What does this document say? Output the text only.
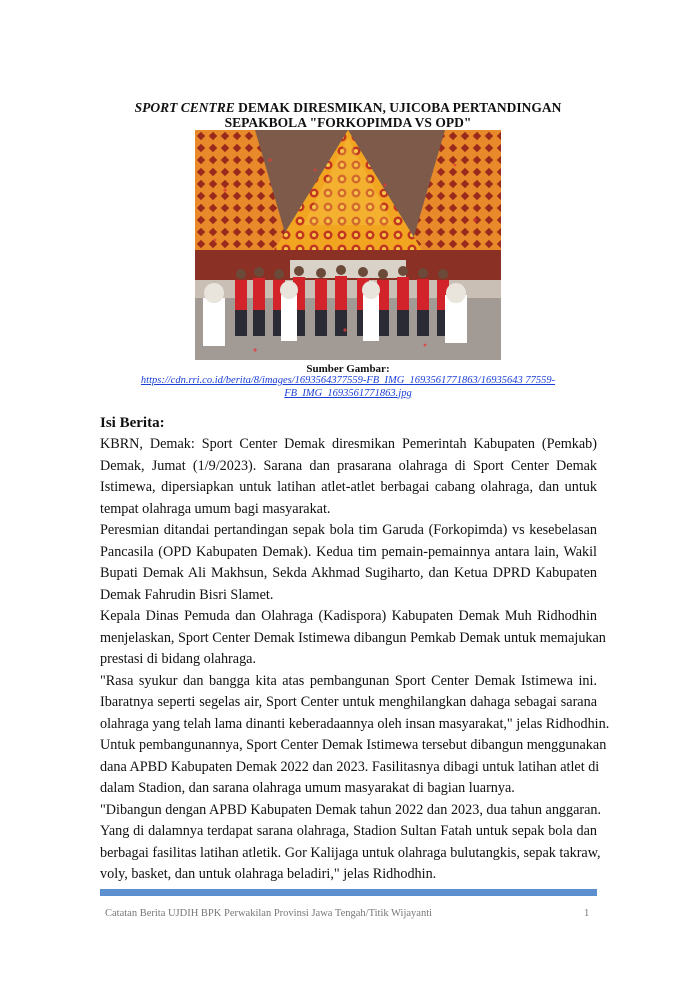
SPORT CENTRE DEMAK DIRESMIKAN, UJICOBA PERTANDINGAN
SEPAKBOLA "FORKOPIMDA VS OPD"
Sumber Gambar:
https://cdn.rri.co.id/berita/8/images/1693564377559-FB_IMG_1693561771863/16935643 77559-
FB_IMG_1693561771863.jpg
Isi Berita:
KBRN, Demak: Sport Center Demak diresmikan Pemerintah Kabupaten (Pemkab)
Demak, Jumat (1/9/2023). Sarana dan prasarana olahraga di Sport Center Demak
Istimewa, dipersiapkan untuk latihan atlet-atlet berbagai cabang olahraga, dan untuk
tempat olahraga umum bagi masyarakat.
Peresmian ditandai pertandingan sepak bola tim Garuda (Forkopimda) vs kesebelasan
Pancasila (OPD Kabupaten Demak). Kedua tim pemain-pemainnya antara lain, Wakil
Bupati Demak Ali Makhsun, Sekda Akhmad Sugiharto, dan Ketua DPRD Kabupaten
Demak Fahrudin Bisri Slamet.
Kepala Dinas Pemuda dan Olahraga (Kadispora) Kabupaten Demak Muh Ridhodhin
menjelaskan, Sport Center Demak Istimewa dibangun Pemkab Demak untuk memajukan
prestasi di bidang olahraga.
"Rasa syukur dan bangga kita atas pembangunan Sport Center Demak Istimewa ini.
Ibaratnya seperti segelas air, Sport Center untuk menghilangkan dahaga sebagai sarana
olahraga yang telah lama dinanti keberadaannya oleh insan masyarakat," jelas Ridhodhin.
Untuk pembangunannya, Sport Center Demak Istimewa tersebut dibangun menggunakan
dana APBD Kabupaten Demak 2022 dan 2023. Fasilitasnya dibagi untuk latihan atlet di
dalam Stadion, dan sarana olahraga umum masyarakat di bagian luarnya.
"Dibangun dengan APBD Kabupaten Demak tahun 2022 dan 2023, dua tahun anggaran.
Yang di dalamnya terdapat sarana olahraga, Stadion Sultan Fatah untuk sepak bola dan
berbagai fasilitas latihan atletik. Gor Kalijaga untuk olahraga bulutangkis, sepak takraw,
voly, basket, dan untuk olahraga beladiri," jelas Ridhodhin.
Catatan Berita UJDIH BPK Perwakilan Provinsi Jawa Tengah/Titik Wijayanti	1
